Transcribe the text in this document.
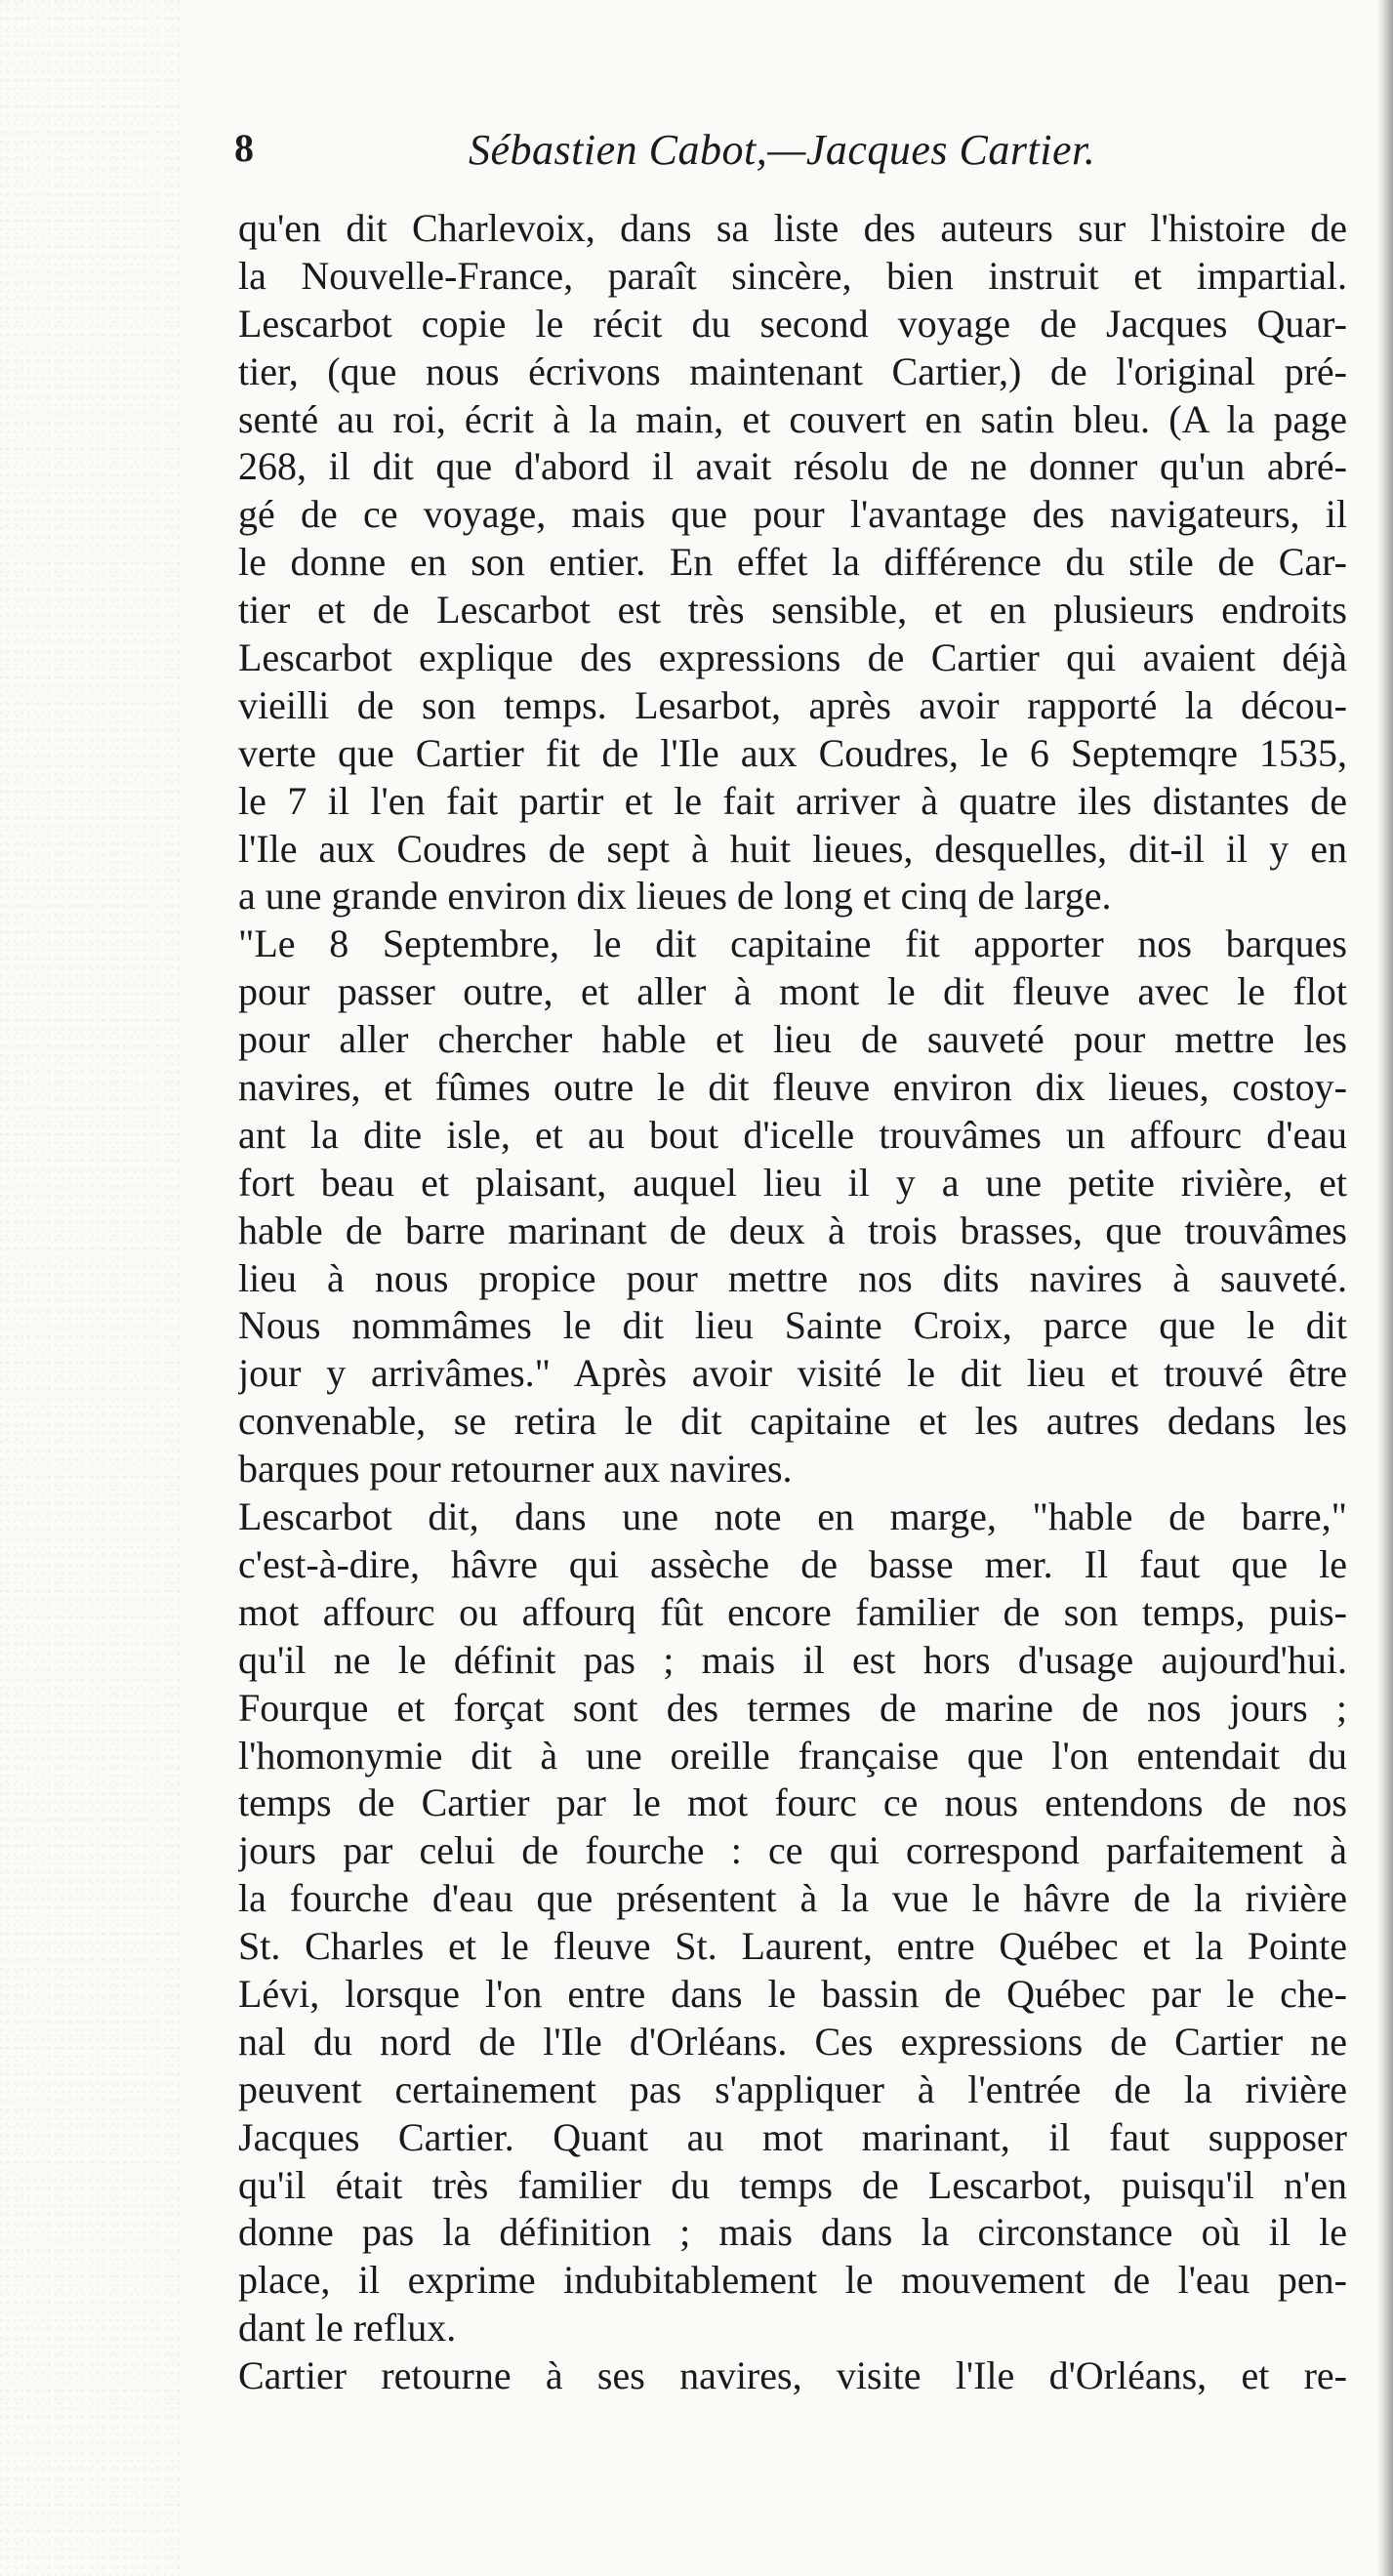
8	Sébastien Cabot,—Jacques Cartier.
qu'en dit Charlevoix, dans sa liste des auteurs sur l'histoire de
la Nouvelle-France, paraît sincère, bien instruit et impartial.
Lescarbot copie le récit du second voyage de Jacques Quar-
tier, (que nous écrivons maintenant Cartier,) de l'original pré-
senté au roi, écrit à la main, et couvert en satin bleu. (A la page
268, il dit que d'abord il avait résolu de ne donner qu'un abré-
gé de ce voyage, mais que pour l'avantage des navigateurs, il
le donne en son entier. En effet la différence du stile de Car-
tier et de Lescarbot est très sensible, et en plusieurs endroits
Lescarbot explique des expressions de Cartier qui avaient déjà
vieilli de son temps. Lesarbot, après avoir rapporté la décou-
verte que Cartier fit de l'Ile aux Coudres, le 6 Septemqre 1535,
le 7 il l'en fait partir et le fait arriver à quatre iles distantes de
l'Ile aux Coudres de sept à huit lieues, desquelles, dit-il il y en
a une grande environ dix lieues de long et cinq de large.
"Le 8 Septembre, le dit capitaine fit apporter nos barques
pour passer outre, et aller à mont le dit fleuve avec le flot
pour aller chercher hable et lieu de sauveté pour mettre les
navires, et fûmes outre le dit fleuve environ dix lieues, costoy-
ant la dite isle, et au bout d'icelle trouvâmes un affourc d'eau
fort beau et plaisant, auquel lieu il y a une petite rivière, et
hable de barre marinant de deux à trois brasses, que trouvâmes
lieu à nous propice pour mettre nos dits navires à sauveté.
Nous nommâmes le dit lieu Sainte Croix, parce que le dit
jour y arrivâmes." Après avoir visité le dit lieu et trouvé être
convenable, se retira le dit capitaine et les autres dedans les
barques pour retourner aux navires.
Lescarbot dit, dans une note en marge, "hable de barre,"
c'est-à-dire, hâvre qui assèche de basse mer. Il faut que le
mot affourc ou affourq fût encore familier de son temps, puis-
qu'il ne le définit pas ; mais il est hors d'usage aujourd'hui.
Fourque et forçat sont des termes de marine de nos jours ;
l'homonymie dit à une oreille française que l'on entendait du
temps de Cartier par le mot fourc ce nous entendons de nos
jours par celui de fourche : ce qui correspond parfaitement à
la fourche d'eau que présentent à la vue le hâvre de la rivière
St. Charles et le fleuve St. Laurent, entre Québec et la Pointe
Lévi, lorsque l'on entre dans le bassin de Québec par le che-
nal du nord de l'Ile d'Orléans. Ces expressions de Cartier ne
peuvent certainement pas s'appliquer à l'entrée de la rivière
Jacques Cartier. Quant au mot marinant, il faut supposer
qu'il était très familier du temps de Lescarbot, puisqu'il n'en
donne pas la définition ; mais dans la circonstance où il le
place, il exprime indubitablement le mouvement de l'eau pen-
dant le reflux.
Cartier retourne à ses navires, visite l'Ile d'Orléans, et re-
